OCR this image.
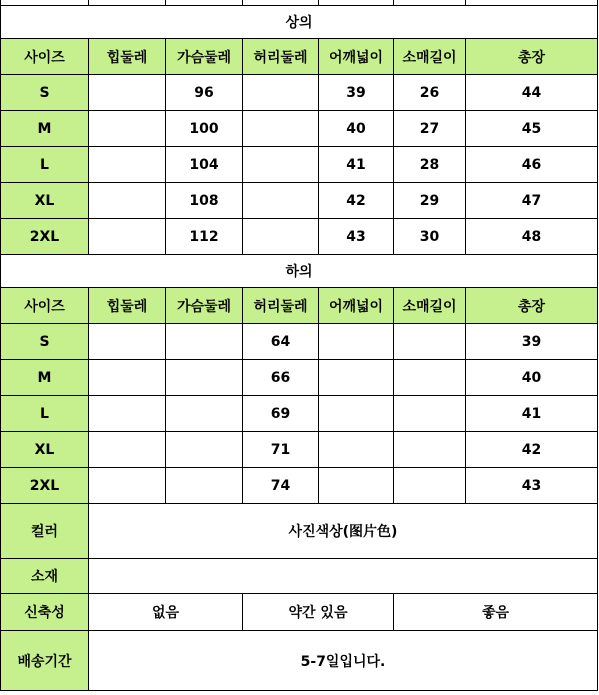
상의						
사이즈	힙둘레	가슴둘레	허리둘레	어깨넓이	소매길이	총장
S		96		39	26	44
M		100		40	27	45
L		104		41	28	46
XL		108		42	29	47
2XL		112		43	30	48
하의						
사이즈	힙둘레	가슴둘레	허리둘레	어깨넓이	소매길이	총장
S			64			39
M			66			40
L			69			41
XL			71			42
2XL			74			43
컬러	사진색상(图片色)					
소재						
신축성	없음		약간 있음		좋음	
배송기간	5-7일입니다.					
